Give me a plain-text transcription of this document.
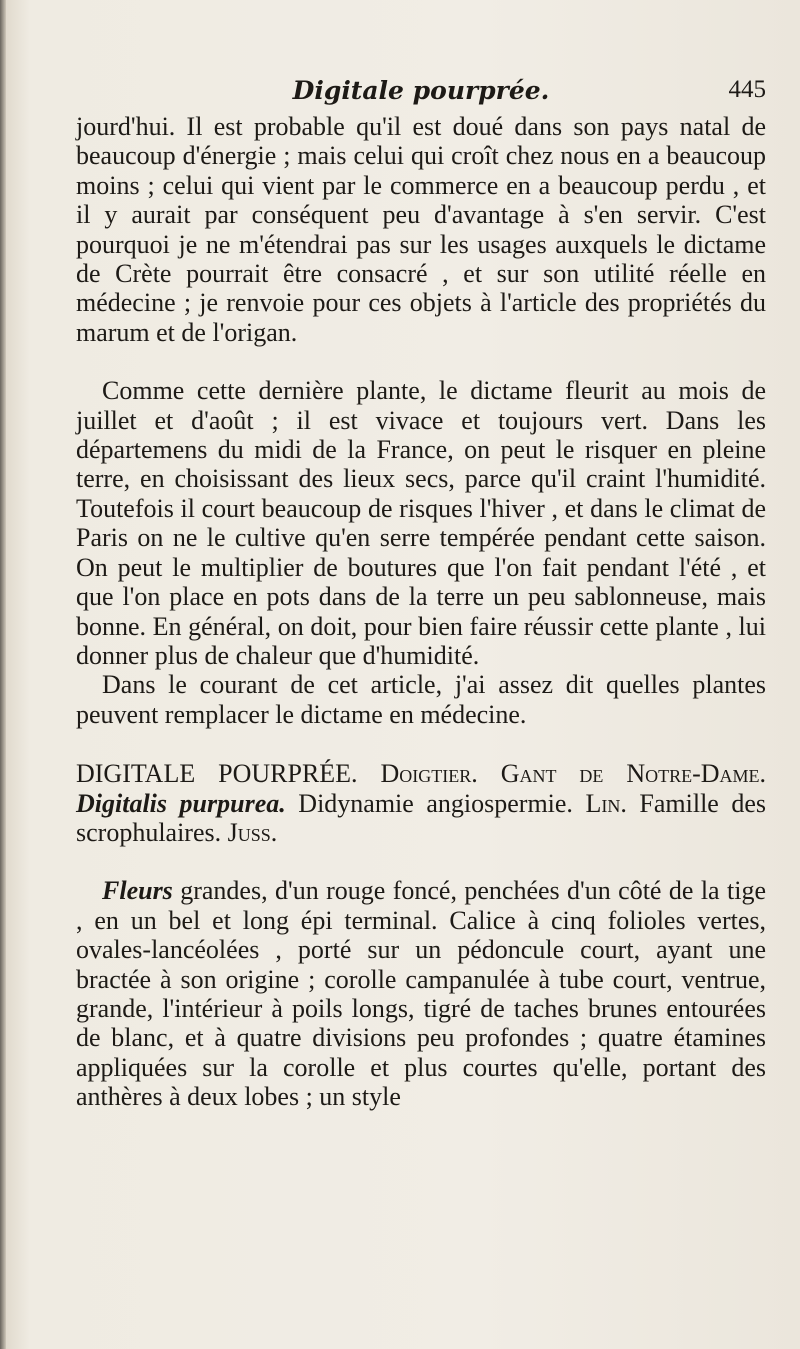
Digitale pourprée.	445

jourd'hui. Il est probable qu'il est doué dans son pays natal de beaucoup d'énergie ; mais celui qui croît chez nous en a beaucoup moins ; celui qui vient par le commerce en a beaucoup perdu , et il y aurait par conséquent peu d'avantage à s'en servir. C'est pourquoi je ne m'étendrai pas sur les usages auxquels le dictame de Crète pourrait être consacré , et sur son utilité réelle en médecine ; je renvoie pour ces objets à l'article des propriétés du marum et de l'origan.

Comme cette dernière plante, le dictame fleurit au mois de juillet et d'août ; il est vivace et toujours vert. Dans les départemens du midi de la France, on peut le risquer en pleine terre, en choisissant des lieux secs, parce qu'il craint l'humidité. Toutefois il court beaucoup de risques l'hiver , et dans le climat de Paris on ne le cultive qu'en serre tempérée pendant cette saison. On peut le multiplier de boutures que l'on fait pendant l'été , et que l'on place en pots dans de la terre un peu sablonneuse, mais bonne. En général, on doit, pour bien faire réussir cette plante , lui donner plus de chaleur que d'humidité.

Dans le courant de cet article, j'ai assez dit quelles plantes peuvent remplacer le dictame en médecine.

DIGITALE POURPRÉE. Doigtier. Gant de Notre-Dame. Digitalis purpurea. Didynamie angiospermie. Lin. Famille des scrophulaires. Juss.

Fleurs grandes, d'un rouge foncé, penchées d'un côté de la tige , en un bel et long épi terminal. Calice à cinq folioles vertes, ovales-lancéolées , porté sur un pédoncule court, ayant une bractée à son origine ; corolle campanulée à tube court, ventrue, grande, l'intérieur à poils longs, tigré de taches brunes entourées de blanc, et à quatre divisions peu profondes ; quatre étamines appliquées sur la corolle et plus courtes qu'elle, portant des anthères à deux lobes ; un style
